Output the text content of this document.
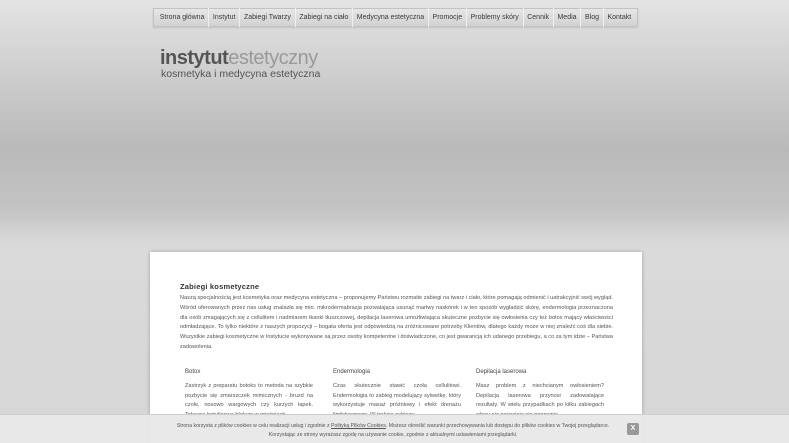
Strona główna Instytut Zabiegi Twarzy Zabiegi na ciało Medycyna estetyczna Promocje Problemy skóry Cennik Media Blog Kontakt
instytutestetyczny
kosmetyka i medycyna estetyczna
Zabiegi kosmetyczne

Naszą specjalnością jest kosmetyka oraz medycyna estetyczna – proponujemy Państwu rozmaite zabiegi na twarz i ciało, które pomagają odmienić i uatrakcyjnić swój wygląd. Wśród oferowanych przez nas usług znalazła się min. mikrodermabrazja pozwalająca usunąć martwy naskórek i w ten sposób wygładzić skórę, endermologia przeznaczona dla osób zmagających się z cellulitem i nadmiarem tkanki tłuszczowej, depilacja laserowa umożliwiająca skuteczne pozbycie się owłosienia czy też botox mający właściwości odmładzające. To tylko niektóre z naszych propozycji – bogata oferta jest odpowiedzią na zróżnicowane potrzeby Klientów, dlatego każdy może w niej znaleźć coś dla siebie. Wszystkie zabiegi kosmetyczne w Instytucie wykonywane są przez osoby kompetentne i doświadczone, co jest gwarancją ich udanego przebiegu, a co za tym idzie – Państwa zadowolenia.

Botox

Zastrzyk z preparatu botoks to metoda na szybkie pozbycie się zmarszczek mimicznych - bruzd na czole, nosowo wargowych czy kurzych łapek.

Endermologia

Czas skutecznie stawić czoła cellulitowi. Endermologia to zabieg modelujący sylwetkę, który wykorzystuje masaż próżniowy i efekt drenażu

Depilacja laserowa

Masz problem z niechcianym owłosieniem? Depilacja laserowa przynosi zadowalające rezultaty. W wielu przypadkach po kilku zabiegach

Strona korzysta z plików cookies w celu realizacji usług i zgodnie z Polityką Plików Cookies. Możesz określić warunki przechowywania lub dostępu do plików cookies w Twojej przeglądarce.
Korzystając ze strony wyrażasz zgodę na używanie cookie, zgodnie z aktualnymi ustawieniami przeglądarki.

X
